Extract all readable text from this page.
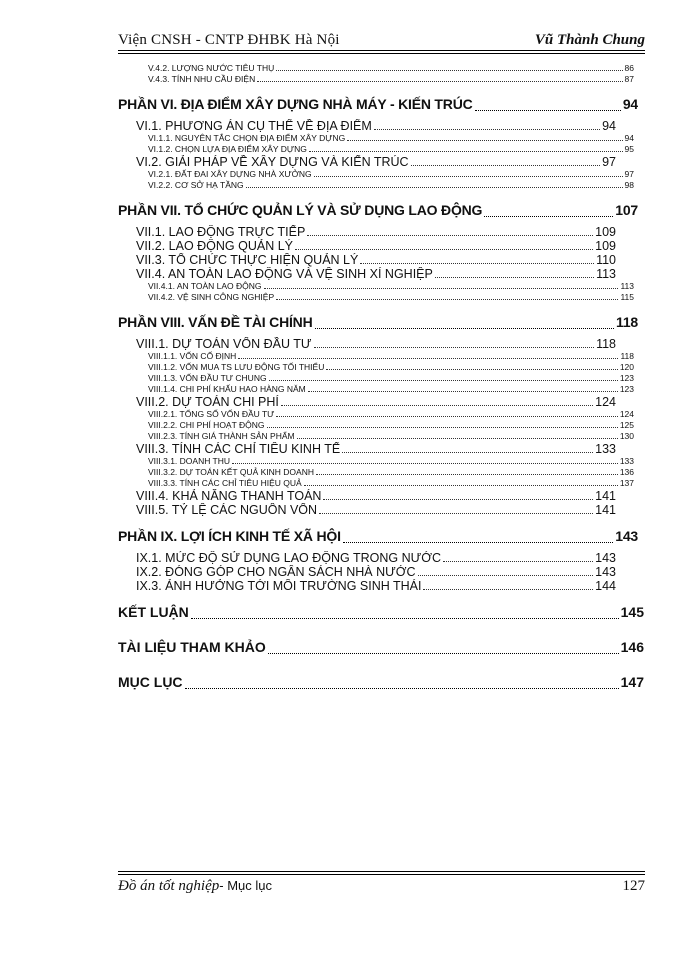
Viện CNSH - CNTP ĐHBK Hà Nội	Vũ Thành Chung
V.4.2. LƯỢNG NƯỚC TIÊU THỤ	86
V.4.3. TÍNH NHU CẦU ĐIỆN	87
PHẦN VI. ĐỊA ĐIỂM XÂY DỰNG NHÀ MÁY - KIẾN TRÚC	94
VI.1. PHƯƠNG ÁN CỤ THỂ VỀ ĐỊA ĐIỂM	94
VI.1.1. NGUYÊN TẮC CHỌN ĐỊA ĐIỂM XÂY DỰNG	94
VI.1.2. CHỌN LỰA ĐỊA ĐIỂM XÂY DỰNG	95
VI.2. GIẢI PHÁP VỀ XÂY DỰNG VÀ KIẾN TRÚC	97
VI.2.1. ĐẤT ĐAI XÂY DỰNG NHÀ XƯỞNG	97
VI.2.2. CƠ SỞ HẠ TẦNG	98
PHẦN VII. TỔ CHỨC QUẢN LÝ VÀ SỬ DỤNG LAO ĐỘNG	107
VII.1. LAO ĐỘNG TRỰC TIẾP	109
VII.2. LAO ĐỘNG QUẢN LÝ	109
VII.3. TỔ CHỨC THỰC HIỆN QUẢN LÝ	110
VII.4. AN TOÀN LAO ĐỘNG VÀ VỆ SINH XÍ NGHIỆP	113
VII.4.1. AN TOÀN LAO ĐỘNG	113
VII.4.2. VỆ SINH CÔNG NGHIỆP	115
PHẦN VIII. VẤN ĐỀ TÀI CHÍNH	118
VIII.1. DỰ TOÁN VỐN ĐẦU TƯ	118
VIII.1.1. VỐN CỐ ĐỊNH	118
VIII.1.2. VỐN MUA TS LƯU ĐỘNG TỐI THIỂU	120
VIII.1.3. VỐN ĐẦU TƯ CHUNG	123
VIII.1.4. CHI PHÍ KHẤU HAO HÀNG NĂM	123
VIII.2. DỰ TOÁN CHI PHÍ	124
VIII.2.1. TỔNG SỐ VỐN ĐẦU TƯ	124
VIII.2.2. CHI PHÍ HOẠT ĐỘNG	125
VIII.2.3. TÍNH GIÁ THÀNH SẢN PHẨM	130
VIII.3. TÍNH CÁC CHỈ TIÊU KINH TẾ	133
VIII.3.1. DOANH THU	133
VIII.3.2. DỰ TOÁN KẾT QUẢ KINH DOANH	136
VIII.3.3. TÍNH CÁC CHỈ TIÊU HIỆU QUẢ	137
VIII.4. KHẢ NĂNG THANH TOÁN	141
VIII.5. TỶ LỆ CÁC NGUỒN VỐN	141
PHẦN IX. LỢI ÍCH KINH TẾ XÃ HỘI	143
IX.1. MỨC ĐỘ SỬ DỤNG LAO ĐỘNG TRONG NƯỚC	143
IX.2. ĐÓNG GÓP CHO NGÂN SÁCH NHÀ NƯỚC	143
IX.3. ẢNH HƯỞNG TỚI MÔI TRƯỜNG SINH THÁI	144
KẾT LUẬN	145
TÀI LIỆU THAM KHẢO	146
MỤC LỤC	147
Đồ án tốt nghiệp- Mục lục	127
